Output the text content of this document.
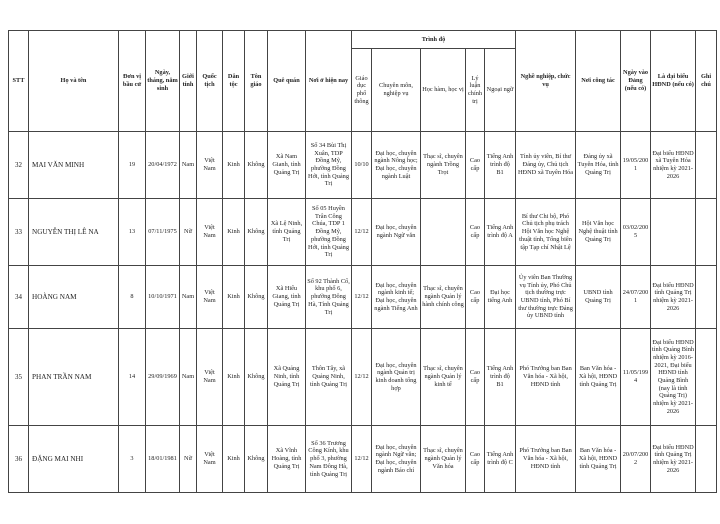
STT	Họ và tên	Đơn vị bầu cử	Ngày, tháng, năm sinh	Giới tính	Quốc tịch	Dân tộc	Tôn giáo	Quê quán	Nơi ở hiện nay	Trình độ					Nghề nghiệp, chức vụ	Nơi công tác	Ngày vào Đảng (nếu có)	Là đại biểu HĐND (nếu có)	Ghi chú
										Giáo dục phổ thông	Chuyên môn, nghiệp vụ	Học hàm, học vị	Lý luận chính trị	Ngoại ngữ					
32	MAI VĂN MINH	19	20/04/1972	Nam	Việt Nam	Kinh	Không	Xã Nam Gianh, tỉnh Quảng Trị	Số 34 Bùi Thị Xuân, TDP Đồng Mỹ, phường Đồng Hới, tỉnh Quảng Trị	10/10	Đại học, chuyên ngành Nông học; Đại học, chuyên ngành Luật	Thạc sĩ, chuyên ngành Trồng Trọt	Cao cấp	Tiếng Anh trình độ B1	Tỉnh ủy viên, Bí thư Đảng ủy, Chủ tịch HĐND xã Tuyên Hóa	Đảng ủy xã Tuyên Hóa, tỉnh Quảng Trị	19/05/2001	Đại biểu HĐND xã Tuyên Hóa nhiệm kỳ 2021-2026	
33	NGUYỄN THỊ LÊ NA	13	07/11/1975	Nữ	Việt Nam	Kinh	Không	Xã Lệ Ninh, tỉnh Quảng Trị	Số 05 Huyền Trân Công Chúa, TDP 1 Đồng Mỹ, phường Đồng Hới, tỉnh Quảng Trị	12/12	Đại học, chuyên ngành Ngữ văn		Cao cấp	Tiếng Anh trình độ A	Bí thư Chi bộ, Phó Chủ tịch phụ trách Hội Văn học Nghệ thuật tỉnh, Tổng biên tập Tạp chí Nhật Lệ	Hội Văn học Nghệ thuật tỉnh Quảng Trị	03/02/2005		
34	HOÀNG NAM	8	10/10/1971	Nam	Việt Nam	Kinh	Không	Xã Hiếu Giang, tỉnh Quảng Trị	Số 92 Thành Cổ, khu phố 6, phường Đông Hà, Tỉnh Quảng Trị	12/12	Đại học, chuyên ngành kinh tế; Đại học, chuyên ngành Tiếng Anh	Thạc sĩ, chuyên ngành Quản lý hành chính công	Cao cấp	Đại học tiếng Anh	Ủy viên Ban Thường vụ Tỉnh ủy, Phó Chủ tịch thường trực UBND tỉnh, Phó Bí thư thường trực Đảng ủy UBND tỉnh	UBND tỉnh Quảng Trị	24/07/2001	Đại biểu HĐND tỉnh Quảng Trị nhiệm kỳ 2021-2026	
35	PHAN TRẦN NAM	14	29/09/1969	Nam	Việt Nam	Kinh	Không	Xã Quảng Ninh, tỉnh Quảng Trị	Thôn Tây, xã Quảng Ninh, tỉnh Quảng Trị	12/12	Đại học, chuyên ngành Quản trị kinh doanh tổng hợp	Thạc sĩ, chuyên ngành Quản lý kinh tế	Cao cấp	Tiếng Anh trình độ B1	Phó Trưởng ban Ban Văn hóa - Xã hội, HĐND tỉnh	Ban Văn hóa - Xã hội, HĐND tỉnh Quảng Trị	11/05/1994	Đại biểu HĐND tỉnh Quảng Bình nhiệm kỳ 2016-2021, Đại biểu HĐND tỉnh Quảng Bình (nay là tỉnh Quảng Trị) nhiệm kỳ 2021-2026	
36	ĐẶNG MAI NHI	3	18/01/1981	Nữ	Việt Nam	Kinh	Không	Xã Vĩnh Hoàng, tỉnh Quảng Trị	Số 36 Trương Công Kính, khu phố 3, phường Nam Đông Hà, tỉnh Quảng Trị	12/12	Đại học, chuyên ngành Ngữ văn; Đại học, chuyên ngành Báo chí	Thạc sĩ, chuyên ngành Quản lý Văn hóa	Cao cấp	Tiếng Anh trình độ C	Phó Trưởng ban Ban Văn hóa - Xã hội, HĐND tỉnh	Ban Văn hóa - Xã hội, HĐND tỉnh Quảng Trị	20/07/2002	Đại biểu HĐND tỉnh Quảng Trị nhiệm kỳ 2021-2026	
